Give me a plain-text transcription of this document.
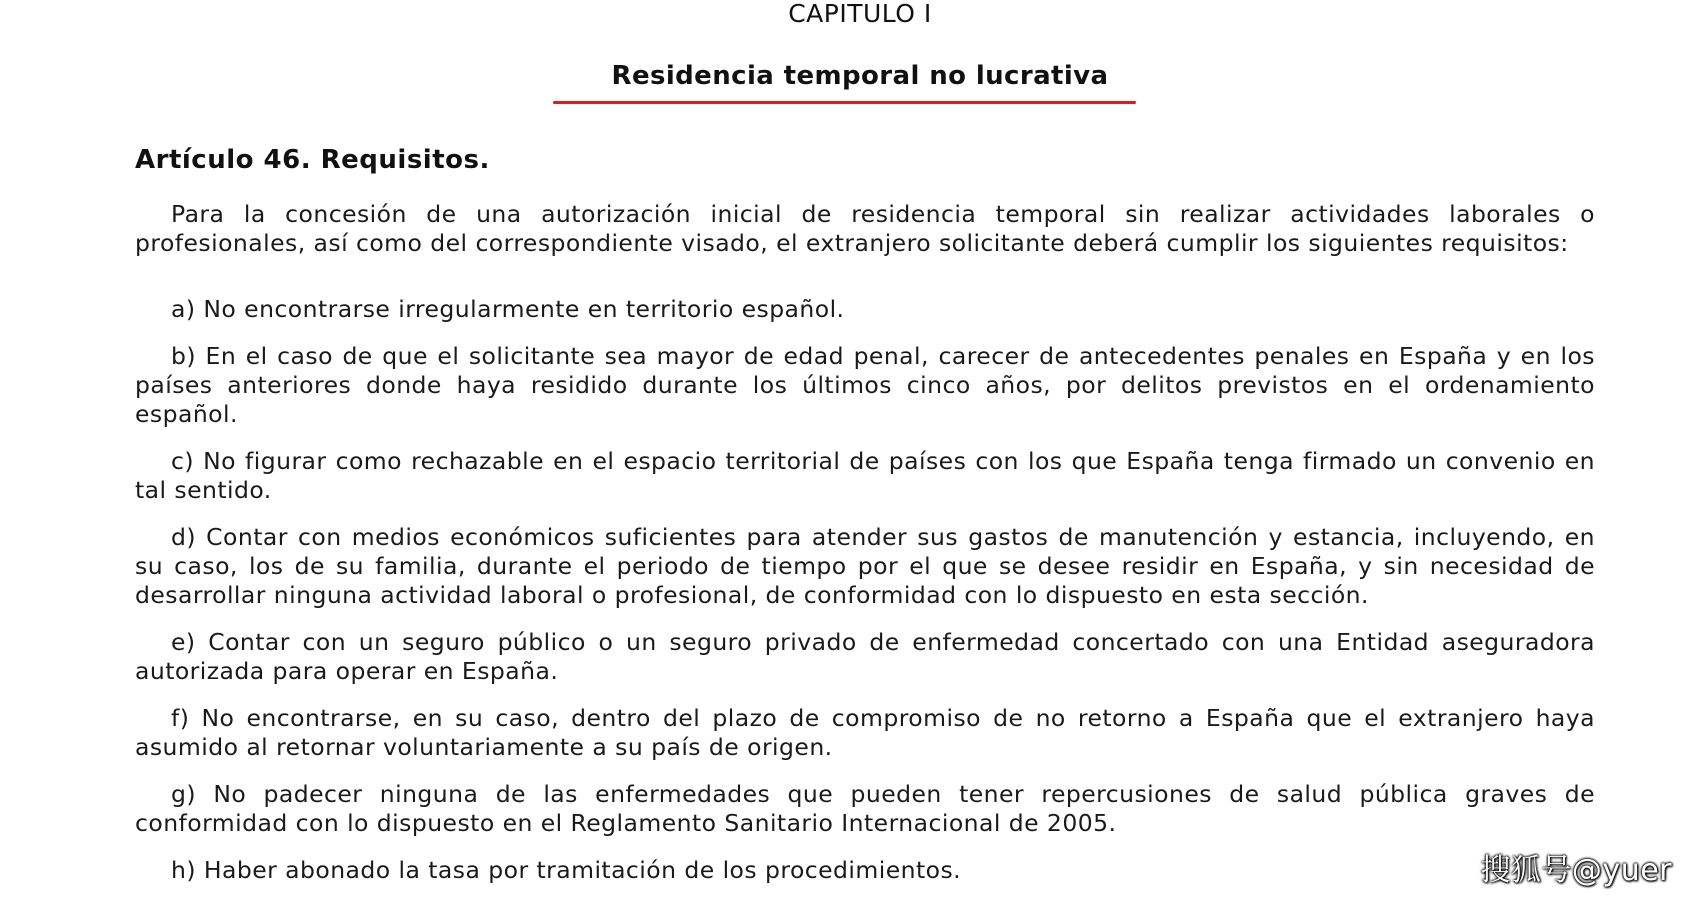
CAPITULO I
Residencia temporal no lucrativa
Artículo 46. Requisitos.

Para la concesión de una autorización inicial de residencia temporal sin realizar actividades laborales o profesionales, así como del correspondiente visado, el extranjero solicitante deberá cumplir los siguientes requisitos:

a) No encontrarse irregularmente en territorio español.

b) En el caso de que el solicitante sea mayor de edad penal, carecer de antecedentes penales en España y en los países anteriores donde haya residido durante los últimos cinco años, por delitos previstos en el ordenamiento español.

c) No figurar como rechazable en el espacio territorial de países con los que España tenga firmado un convenio en tal sentido.

d) Contar con medios económicos suficientes para atender sus gastos de manutención y estancia, incluyendo, en su caso, los de su familia, durante el periodo de tiempo por el que se desee residir en España, y sin necesidad de desarrollar ninguna actividad laboral o profesional, de conformidad con lo dispuesto en esta sección.

e) Contar con un seguro público o un seguro privado de enfermedad concertado con una Entidad aseguradora autorizada para operar en España.

f) No encontrarse, en su caso, dentro del plazo de compromiso de no retorno a España que el extranjero haya asumido al retornar voluntariamente a su país de origen.

g) No padecer ninguna de las enfermedades que pueden tener repercusiones de salud pública graves de conformidad con lo dispuesto en el Reglamento Sanitario Internacional de 2005.

h) Haber abonado la tasa por tramitación de los procedimientos.	搜狐号@yuer
